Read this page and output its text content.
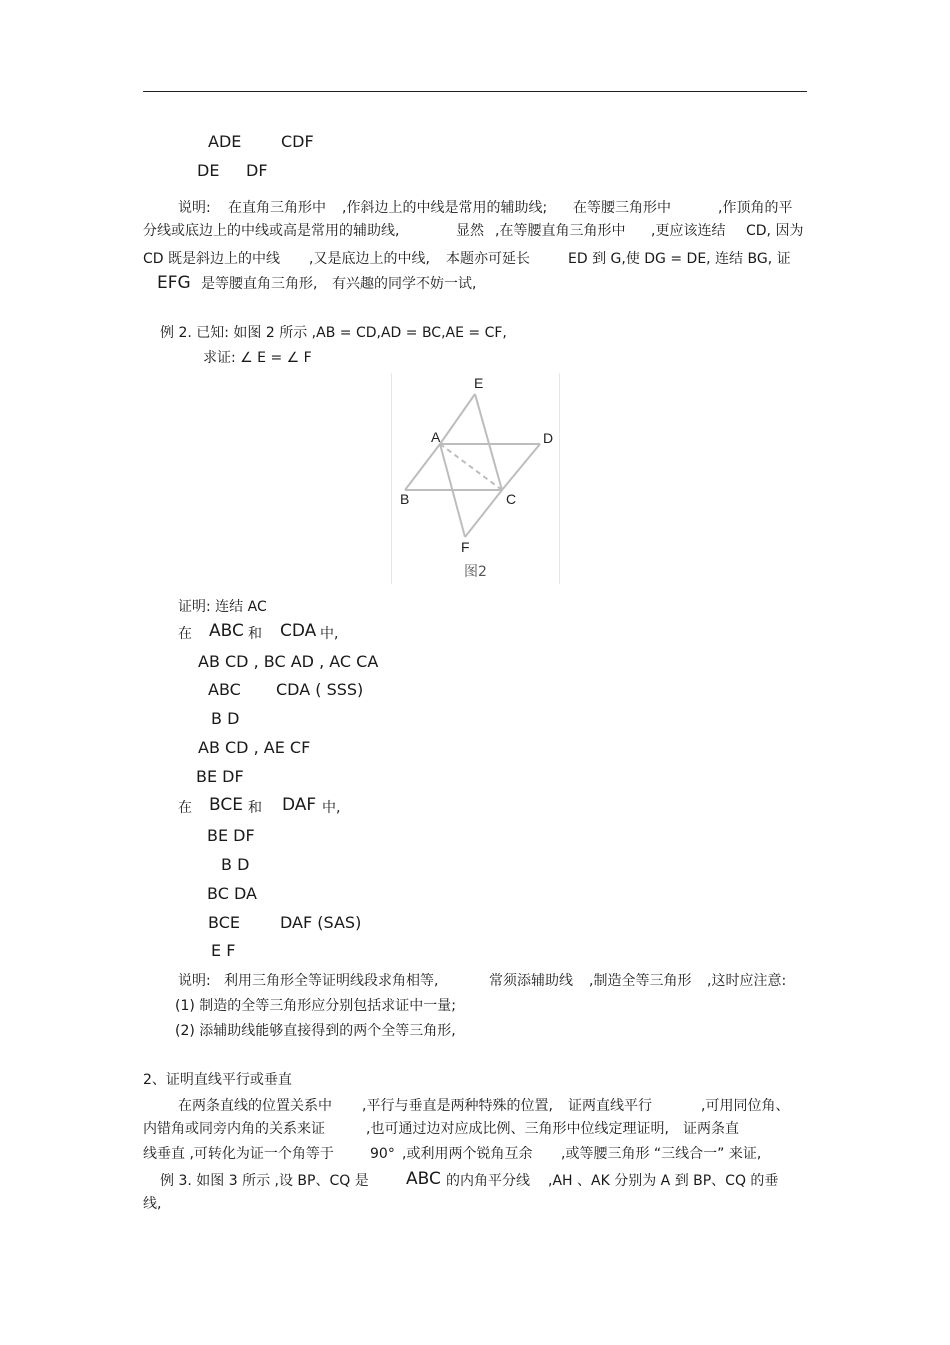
ADE CDF
DE DF
说明: 在直角三角形中 ,作斜边上的中线是常用的辅助线; 在等腰三角形中	,作顶角的平
分线或底边上的中线或高是常用的辅助线,	显然 ,在等腰直角三角形中 ,更应该连结 CD, 因为
CD 既是斜边上的中线 ,又是底边上的中线, 本题亦可延长	ED 到 G,使 DG = DE, 连结 BG, 证
EFG 是等腰直角三角形, 有兴趣的同学不妨一试,
例 2. 已知: 如图 2 所示 ,AB = CD,AD = BC,AE = CF,
求证: ∠ E = ∠ F
E
A	D
B	C
F
图2
证明: 连结 AC
在 ABC 和 CDA 中,
AB CD , BC AD , AC CA
ABC CDA ( SSS)
B D
AB CD , AE CF
BE DF
在 BCE 和 DAF 中,
BE DF
B D
BC DA
BCE	DAF (SAS)
E F
说明: 利用三角形全等证明线段求角相等,	常须添辅助线 ,制造全等三角形 ,这时应注意:
(1) 制造的全等三角形应分别包括求证中一量;
(2) 添辅助线能够直接得到的两个全等三角形,
2、证明直线平行或垂直
在两条直线的位置关系中 ,平行与垂直是两种特殊的位置, 证两直线平行	,可用同位角、
内错角或同旁内角的关系来证	,也可通过边对应成比例、三角形中位线定理证明, 证两条直
线垂直 ,可转化为证一个角等于	90° ,或利用两个锐角互余 ,或等腰三角形 “三线合一” 来证,
例 3. 如图 3 所示 ,设 BP、CQ 是 ABC 的内角平分线 ,AH 、AK 分别为 A 到 BP、CQ 的垂
线,
